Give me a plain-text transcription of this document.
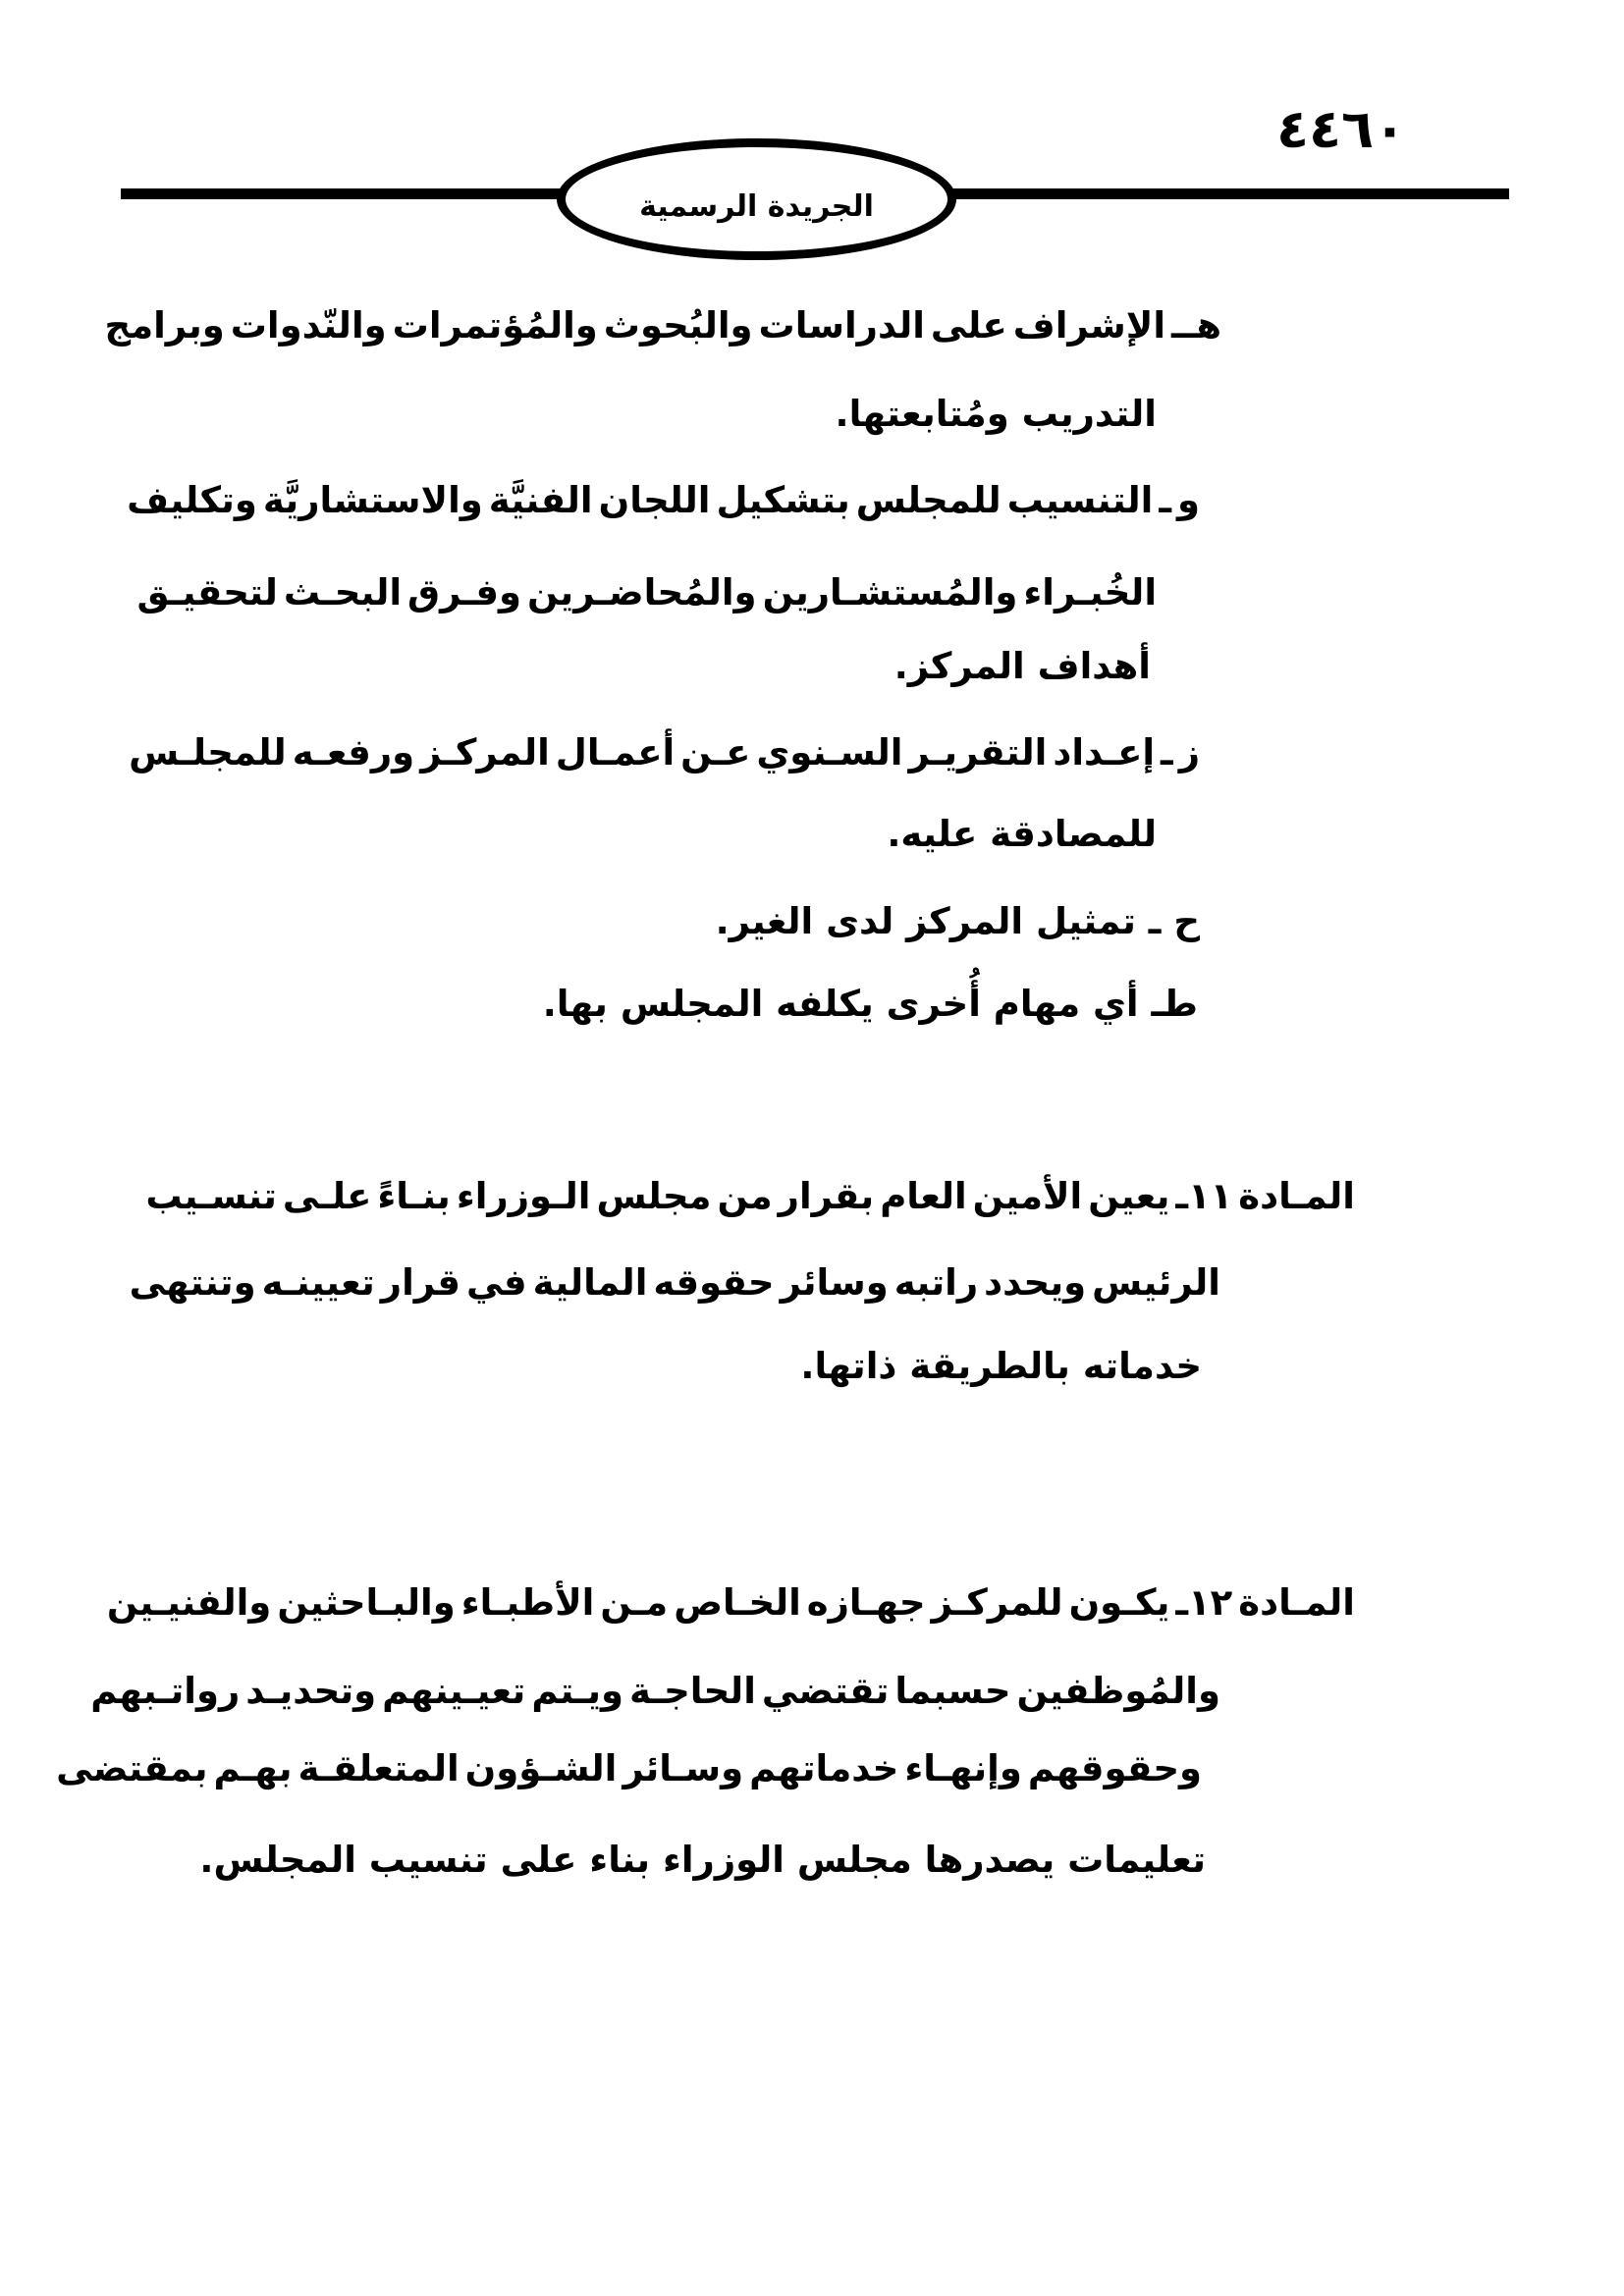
٤٤٦٠
الجريدة الرسمية
هــ
الإشراف
على
الدراسات
والبُحوث
والمُؤتمرات
والنّدوات
وبرامج
التدريب ومُتابعتها.
و
ـ
التنسيب
للمجلس
بتشكيل
اللجان
الفنيَّة
والاستشاريَّة
وتكليف
الخُبـراء
والمُستشـارين
والمُحاضـرين
وفـرق
البحـث
لتحقيـق
أهداف المركز.
ز
ـ
إعـداد
التقريـر
السـنوي
عـن
أعمـال
المركـز
ورفعـه
للمجلـس
للمصادقة عليه.
ح ـ تمثيل المركز لدى الغير.
طـ أي مهام أُخرى يكلفه المجلس بها.
المـادة
١١ـ
يعين
الأمين
العام
بقرار
من
مجلس
الـوزراء
بنـاءً
علـى
تنسـيب
الرئيس
ويحدد
راتبه
وسائر
حقوقه
المالية
في
قرار
تعيينـه
وتنتهى
خدماته بالطريقة ذاتها.
المـادة
١٢ـ
يكـون
للمركـز
جهـازه
الخـاص
مـن
الأطبـاء
والبـاحثين
والفنيـين
والمُوظفين
حسبما
تقتضي
الحاجـة
ويـتم
تعيـينهم
وتحديـد
رواتـبهم
وحقوقهم
وإنهـاء
خدماتهم
وسـائر
الشـؤون
المتعلقـة
بهـم
بمقتضى
تعليمات يصدرها مجلس الوزراء بناء على تنسيب المجلس.
